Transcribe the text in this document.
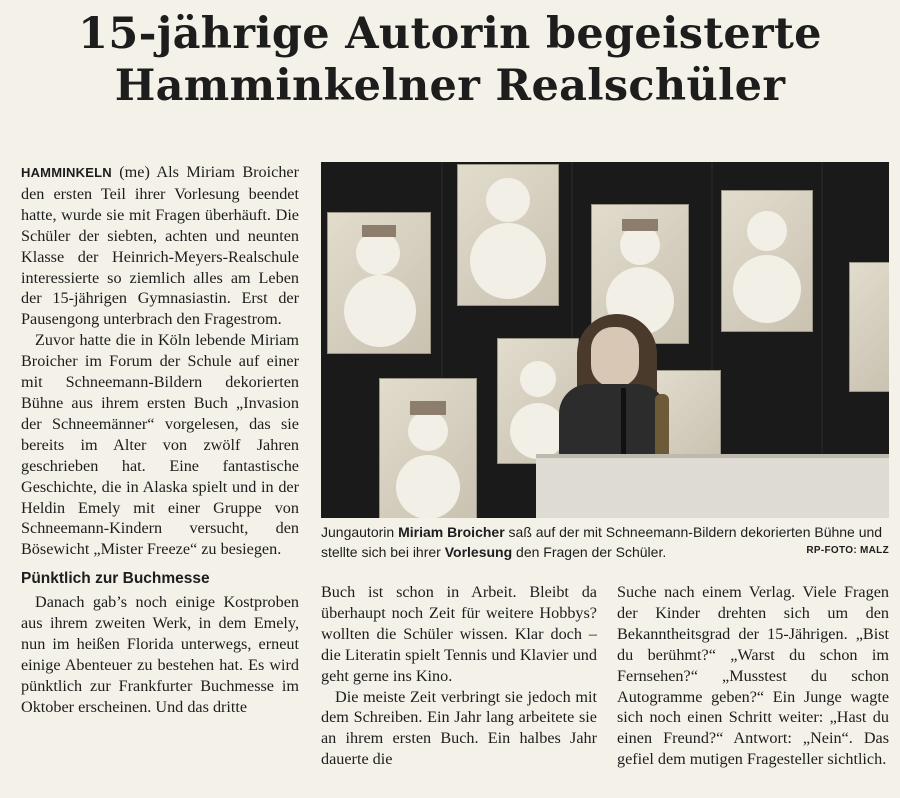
15-jährige Autorin begeisterte
Hamminkelner Realschüler

HAMMINKELN (me) Als Miriam Broicher den ersten Teil ihrer Vorlesung beendet hatte, wurde sie mit Fragen überhäuft. Die Schüler der siebten, achten und neunten Klasse der Heinrich-Meyers-Realschule interessierte so ziemlich alles am Leben der 15-jährigen Gymnasiastin. Erst der Pausengong unterbrach den Fragestrom.

Zuvor hatte die in Köln lebende Miriam Broicher im Forum der Schule auf einer mit Schneemann-Bildern dekorierten Bühne aus ihrem ersten Buch „Invasion der Schneemänner“ vorgelesen, das sie bereits im Alter von zwölf Jahren geschrieben hat. Eine fantastische Geschichte, die in Alaska spielt und in der Heldin Emely mit einer Gruppe von Schneemann-Kindern versucht, den Bösewicht „Mister Freeze“ zu besiegen.

Pünktlich zur Buchmesse

Danach gab’s noch einige Kostproben aus ihrem zweiten Werk, in dem Emely, nun im heißen Florida unterwegs, erneut einige Abenteuer zu bestehen hat. Es wird pünktlich zur Frankfurter Buchmesse im Oktober erscheinen. Und das dritte

Jungautorin Miriam Broicher saß auf der mit Schneemann-Bildern dekorierten Bühne und stellte sich bei ihrer Vorlesung den Fragen der Schüler.	RP-FOTO: MALZ

Buch ist schon in Arbeit. Bleibt da überhaupt noch Zeit für weitere Hobbys? wollten die Schüler wissen. Klar doch – die Literatin spielt Tennis und Klavier und geht gerne ins Kino.

Die meiste Zeit verbringt sie jedoch mit dem Schreiben. Ein Jahr lang arbeitete sie an ihrem ersten Buch. Ein halbes Jahr dauerte die

Suche nach einem Verlag. Viele Fragen der Kinder drehten sich um den Bekanntheitsgrad der 15-Jährigen. „Bist du berühmt?“ „Warst du schon im Fernsehen?“ „Musstest du schon Autogramme geben?“ Ein Junge wagte sich noch einen Schritt weiter: „Hast du einen Freund?“ Antwort: „Nein“. Das gefiel dem mutigen Fragesteller sichtlich.
